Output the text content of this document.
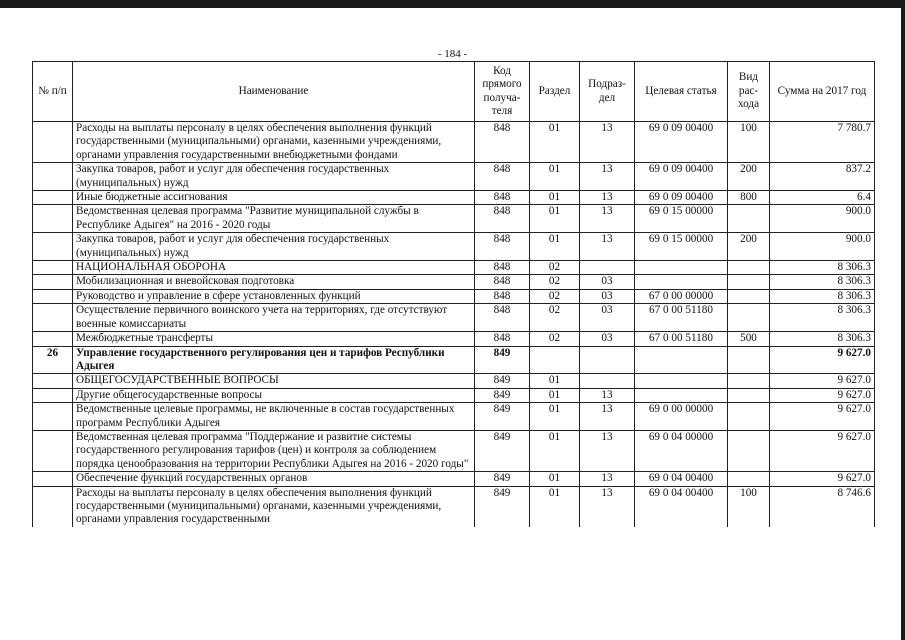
- 184 -
№ п/п	Наименование	Код прямого получа-теля	Раздел	Подраз-дел	Целевая статья	Вид рас-хода	Сумма на 2017 год
	Расходы на выплаты персоналу в целях обеспечения выполнения функций государственными (муниципальными) органами, казенными учреждениями, органами управления государственными внебюджетными фондами	848	01	13	69 0 09 00400	100	7 780.7
	Закупка товаров, работ и услуг для обеспечения государственных (муниципальных) нужд	848	01	13	69 0 09 00400	200	837.2
	Иные бюджетные ассигнования	848	01	13	69 0 09 00400	800	6.4
	Ведомственная целевая программа "Развитие муниципальной службы в Республике Адыгея" на 2016 - 2020 годы	848	01	13	69 0 15 00000		900.0
	Закупка товаров, работ и услуг для обеспечения государственных (муниципальных) нужд	848	01	13	69 0 15 00000	200	900.0
	НАЦИОНАЛЬНАЯ ОБОРОНА	848	02				8 306.3
	Мобилизационная и вневойсковая подготовка	848	02	03			8 306.3
	Руководство и управление в сфере установленных функций	848	02	03	67 0 00 00000		8 306.3
	Осуществление первичного воинского учета на территориях, где отсутствуют военные комиссариаты	848	02	03	67 0 00 51180		8 306.3
	Межбюджетные трансферты	848	02	03	67 0 00 51180	500	8 306.3
26	Управление государственного регулирования цен и тарифов Республики Адыгея	849					9 627.0
	ОБЩЕГОСУДАРСТВЕННЫЕ ВОПРОСЫ	849	01				9 627.0
	Другие общегосударственные вопросы	849	01	13			9 627.0
	Ведомственные целевые программы, не включенные в состав государственных программ Республики Адыгея	849	01	13	69 0 00 00000		9 627.0
	Ведомственная целевая программа "Поддержание и развитие системы государственного регулирования тарифов (цен) и контроля за соблюдением порядка ценообразования на территории Республики Адыгея на 2016 - 2020 годы"	849	01	13	69 0 04 00000		9 627.0
	Обеспечение функций государственных органов	849	01	13	69 0 04 00400		9 627.0
	Расходы на выплаты персоналу в целях обеспечения выполнения функций государственными (муниципальными) органами, казенными учреждениями, органами управления государственными	849	01	13	69 0 04 00400	100	8 746.6
